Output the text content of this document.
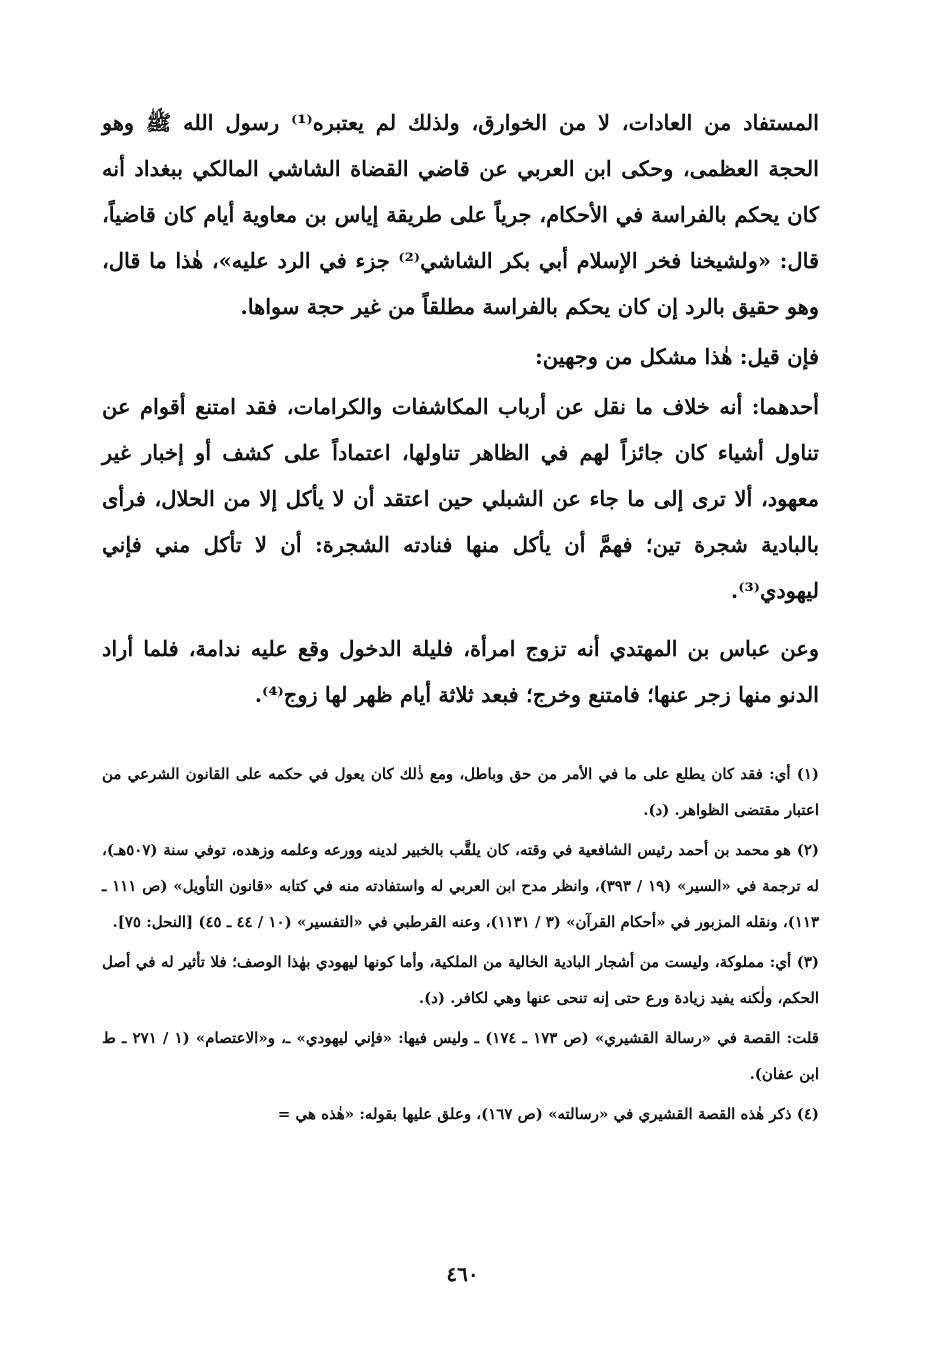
المستفاد من العادات، لا من الخوارق، ولذلك لم يعتبره⁽¹⁾ رسول الله ﷺ وهو الحجة العظمى، وحكى ابن العربي عن قاضي القضاة الشاشي المالكي ببغداد أنه كان يحكم بالفراسة في الأحكام، جرياً على طريقة إياس بن معاوية أيام كان قاضياً، قال: «ولشيخنا فخر الإسلام أبي بكر الشاشي⁽²⁾ جزء في الرد عليه»، هٰذا ما قال، وهو حقيق بالرد إن كان يحكم بالفراسة مطلقاً من غير حجة سواها.

فإن قيل: هٰذا مشكل من وجهين:

أحدهما: أنه خلاف ما نقل عن أرباب المكاشفات والكرامات، فقد امتنع أقوام عن تناول أشياء كان جائزاً لهم في الظاهر تناولها، اعتماداً على كشف أو إخبار غير معهود، ألا ترى إلى ما جاء عن الشبلي حين اعتقد أن لا يأكل إلا من الحلال، فرأى بالبادية شجرة تين؛ فهمَّ أن يأكل منها فنادته الشجرة: أن لا تأكل مني فإني ليهودي⁽³⁾.

وعن عباس بن المهتدي أنه تزوج امرأة، فليلة الدخول وقع عليه ندامة، فلما أراد الدنو منها زجر عنها؛ فامتنع وخرج؛ فبعد ثلاثة أيام ظهر لها زوج⁽⁴⁾.

(١) أي: فقد كان يطلع على ما في الأمر من حق وباطل، ومع ذٰلك كان يعول في حكمه على القانون الشرعي من اعتبار مقتضى الظواهر. (د).

(٢) هو محمد بن أحمد رئيس الشافعية في وقته، كان يلقَّب بالخبير لدينه وورعه وعلمه وزهده، توفي سنة (٥٠٧هـ)، له ترجمة في «السير» (١٩ / ٣٩٣)، وانظر مدح ابن العربي له واستفادته منه في كتابه «قانون التأويل» (ص ١١١ ـ ١١٣)، ونقله المزبور في «أحكام القرآن» (٣ / ١١٣١)، وعنه القرطبي في «التفسير» (١٠ / ٤٤ ـ ٤٥) [النحل: ٧٥].

(٣) أي: مملوكة، وليست من أشجار البادية الخالية من الملكية، وأما كونها ليهودي بهٰذا الوصف؛ فلا تأثير له في أصل الحكم، ولٰكنه يفيد زيادة ورع حتى إنه تنحى عنها وهي لكافر. (د).

قلت: القصة في «رسالة القشيري» (ص ١٧٣ ـ ١٧٤) ـ وليس فيها: «فإني ليهودي» ـ، و«الاعتصام» (١ / ٢٧١ ـ ط ابن عفان).

(٤) ذكر هٰذه القصة القشيري في «رسالته» (ص ١٦٧)، وعلق عليها بقوله: «هٰذه هي =

٤٦٠
